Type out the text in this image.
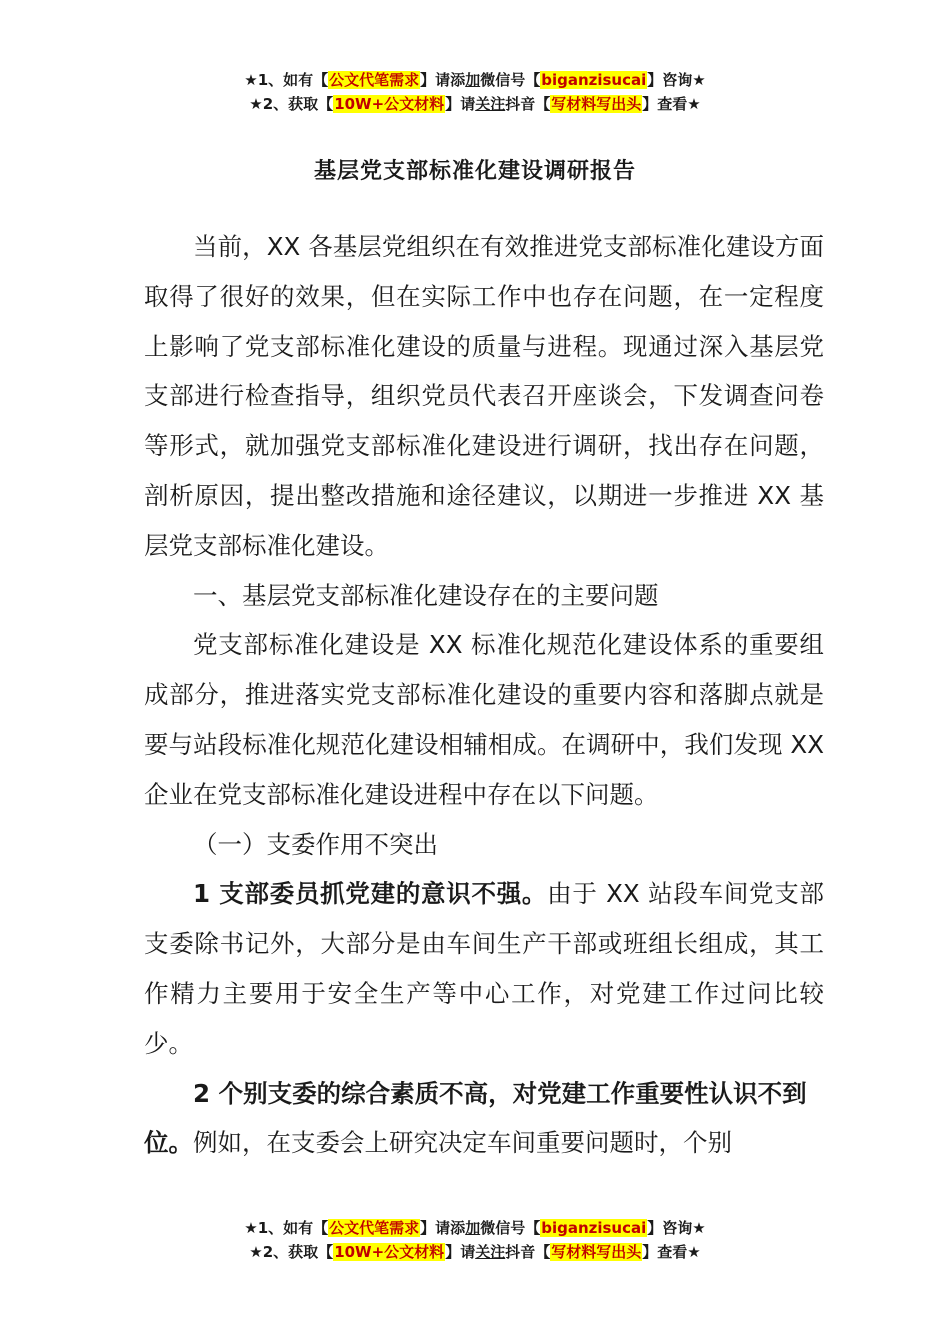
★1、如有【公文代笔需求】请添加微信号【biganzisucai】咨询★
★2、获取【10W+公文材料】请关注抖音【写材料写出头】查看★
基层党支部标准化建设调研报告

当前，XX 各基层党组织在有效推进党支部标准化建设方面取得了很好的效果，但在实际工作中也存在问题，在一定程度上影响了党支部标准化建设的质量与进程。现通过深入基层党支部进行检查指导，组织党员代表召开座谈会，下发调查问卷等形式，就加强党支部标准化建设进行调研，找出存在问题，剖析原因，提出整改措施和途径建议，以期进一步推进 XX 基层党支部标准化建设。

一、基层党支部标准化建设存在的主要问题

党支部标准化建设是 XX 标准化规范化建设体系的重要组成部分，推进落实党支部标准化建设的重要内容和落脚点就是要与站段标准化规范化建设相辅相成。在调研中，我们发现 XX 企业在党支部标准化建设进程中存在以下问题。

（一）支委作用不突出

1 支部委员抓党建的意识不强。由于 XX 站段车间党支部支委除书记外，大部分是由车间生产干部或班组长组成，其工作精力主要用于安全生产等中心工作，对党建工作过问比较少。

2 个别支委的综合素质不高，对党建工作重要性认识不到位。例如，在支委会上研究决定车间重要问题时，个别

★1、如有【公文代笔需求】请添加微信号【biganzisucai】咨询★
★2、获取【10W+公文材料】请关注抖音【写材料写出头】查看★
